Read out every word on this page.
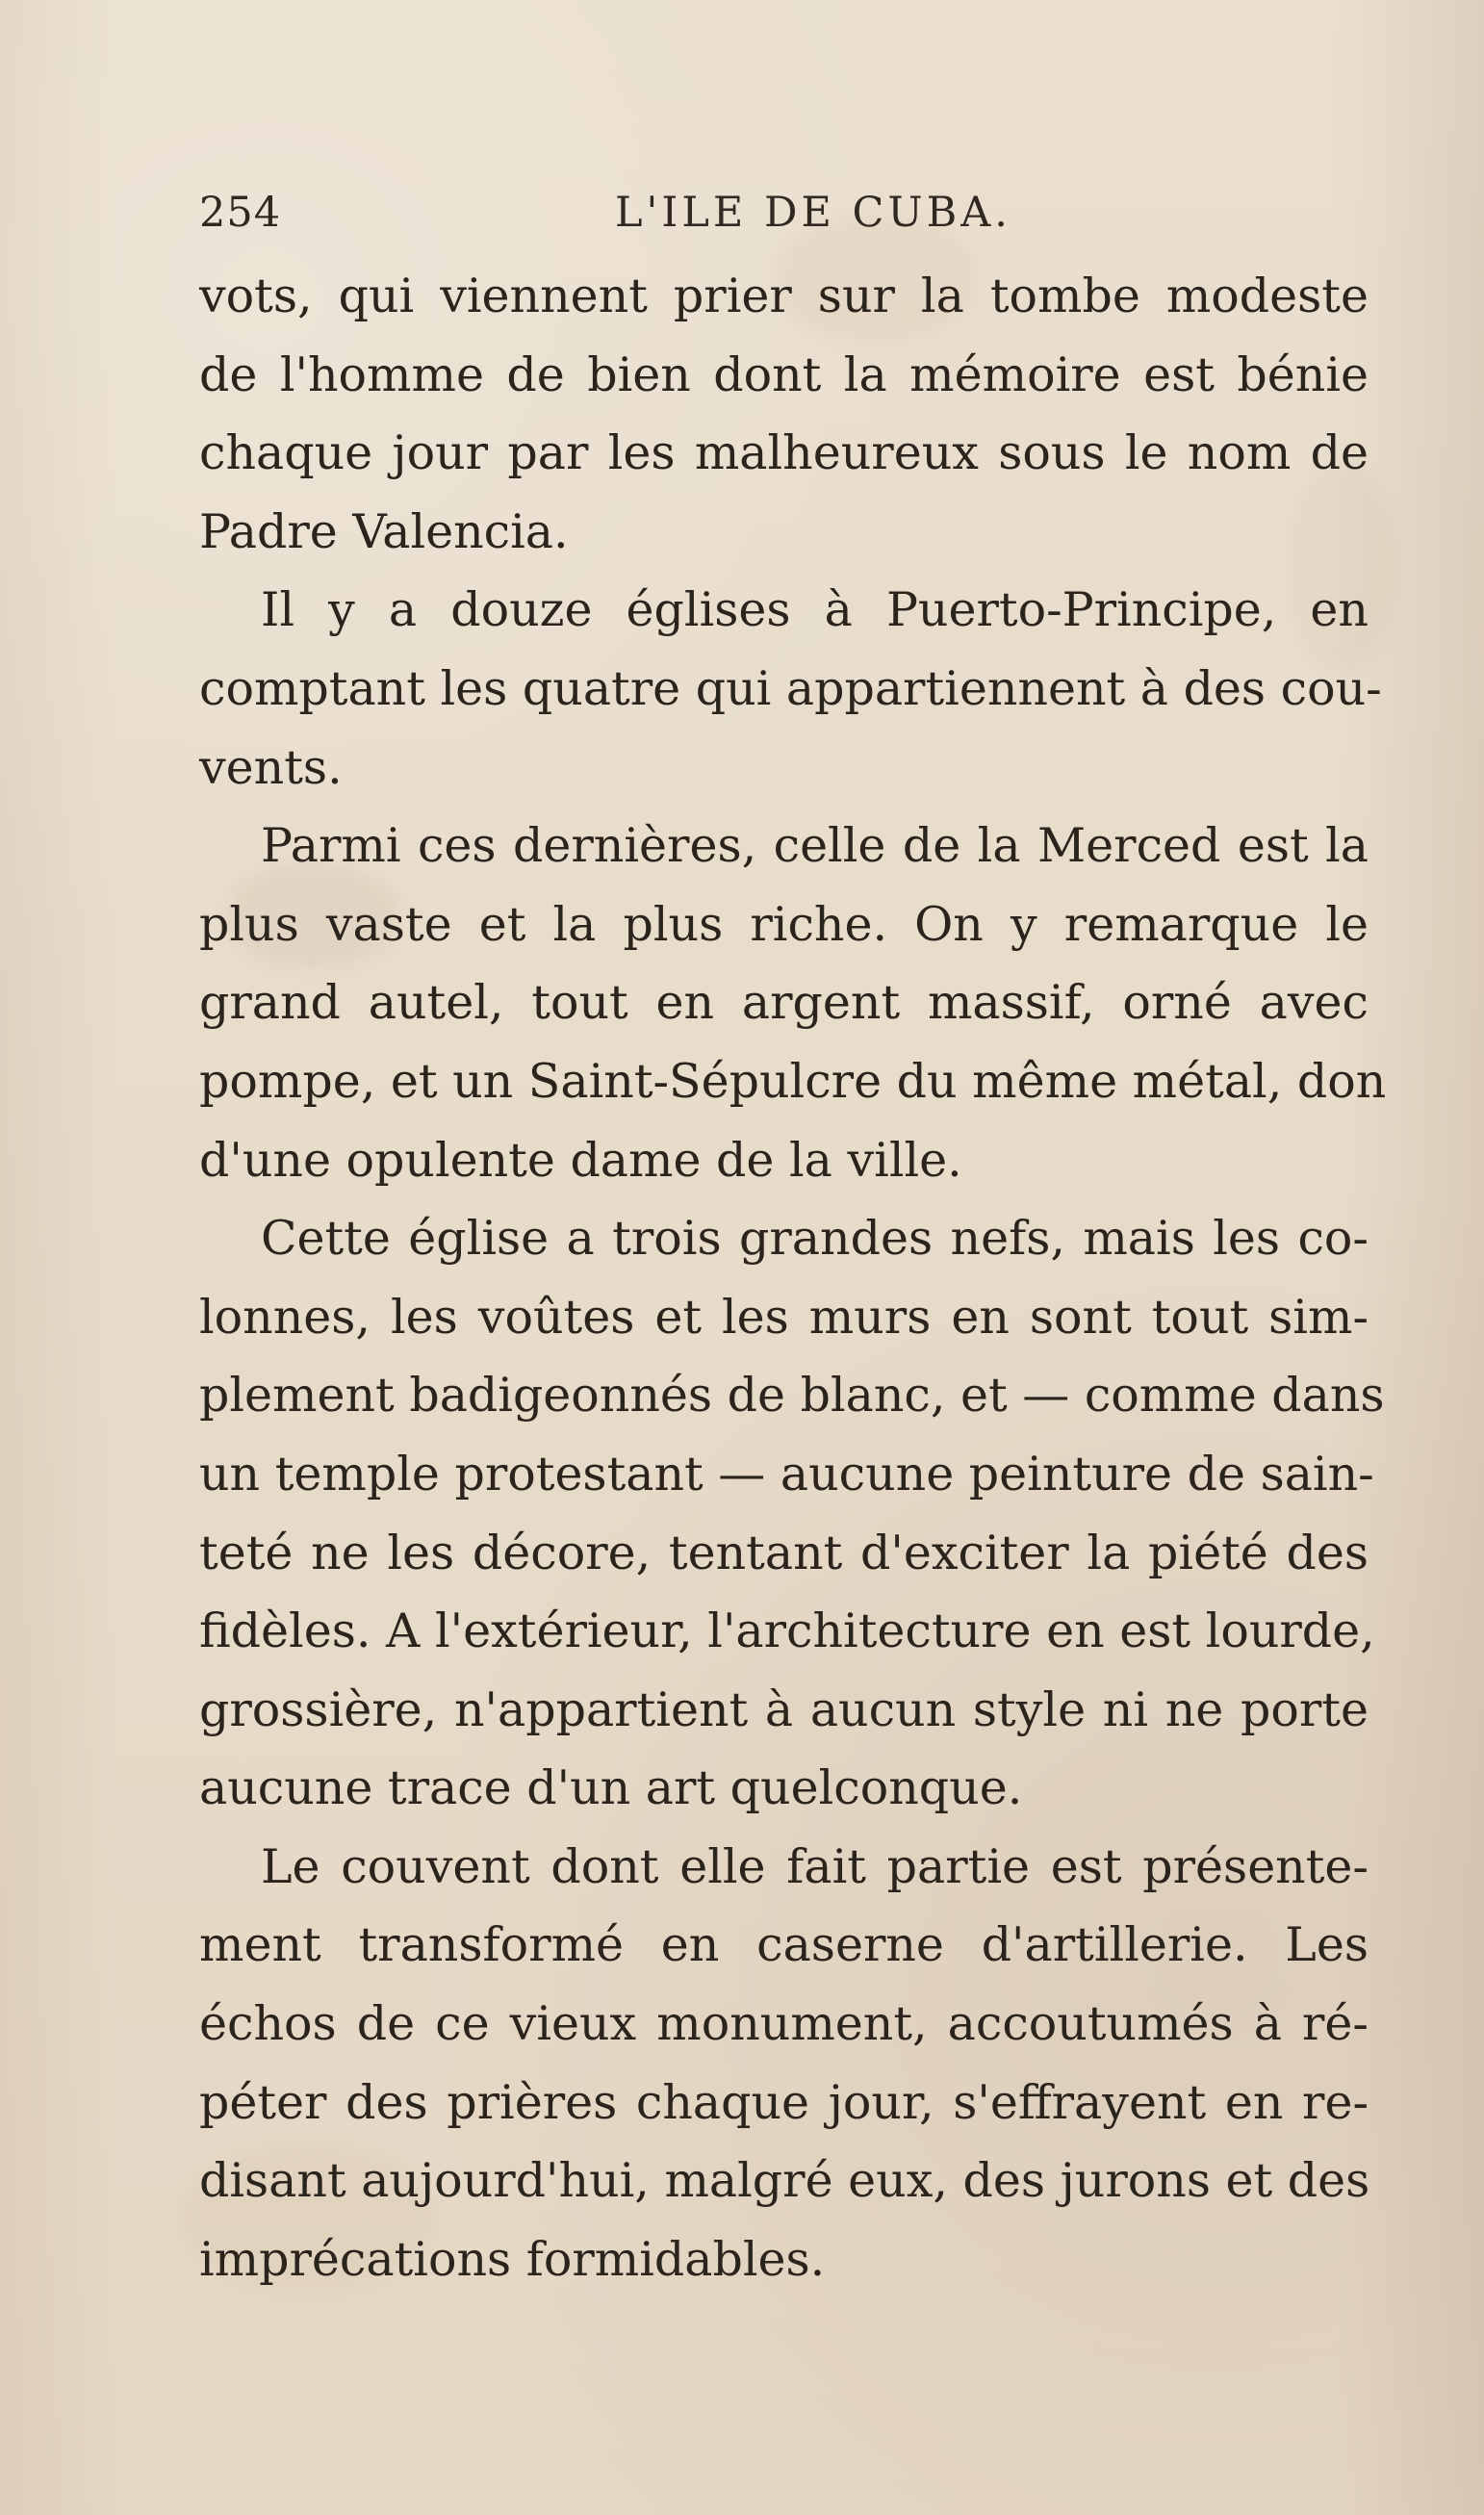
254	L'ILE DE CUBA.
vots, qui viennent prier sur la tombe modeste
de l'homme de bien dont la mémoire est bénie
chaque jour par les malheureux sous le nom de
Padre Valencia.
Il y a douze églises à Puerto-Principe, en
comptant les quatre qui appartiennent à des cou-
vents.
Parmi ces dernières, celle de la Merced est la
plus vaste et la plus riche. On y remarque le
grand autel, tout en argent massif, orné avec
pompe, et un Saint-Sépulcre du même métal, don
d'une opulente dame de la ville.
Cette église a trois grandes nefs, mais les co-
lonnes, les voûtes et les murs en sont tout sim-
plement badigeonnés de blanc, et — comme dans
un temple protestant — aucune peinture de sain-
teté ne les décore, tentant d'exciter la piété des
fidèles. A l'extérieur, l'architecture en est lourde,
grossière, n'appartient à aucun style ni ne porte
aucune trace d'un art quelconque.
Le couvent dont elle fait partie est présente-
ment transformé en caserne d'artillerie. Les
échos de ce vieux monument, accoutumés à ré-
péter des prières chaque jour, s'effrayent en re-
disant aujourd'hui, malgré eux, des jurons et des
imprécations formidables.
